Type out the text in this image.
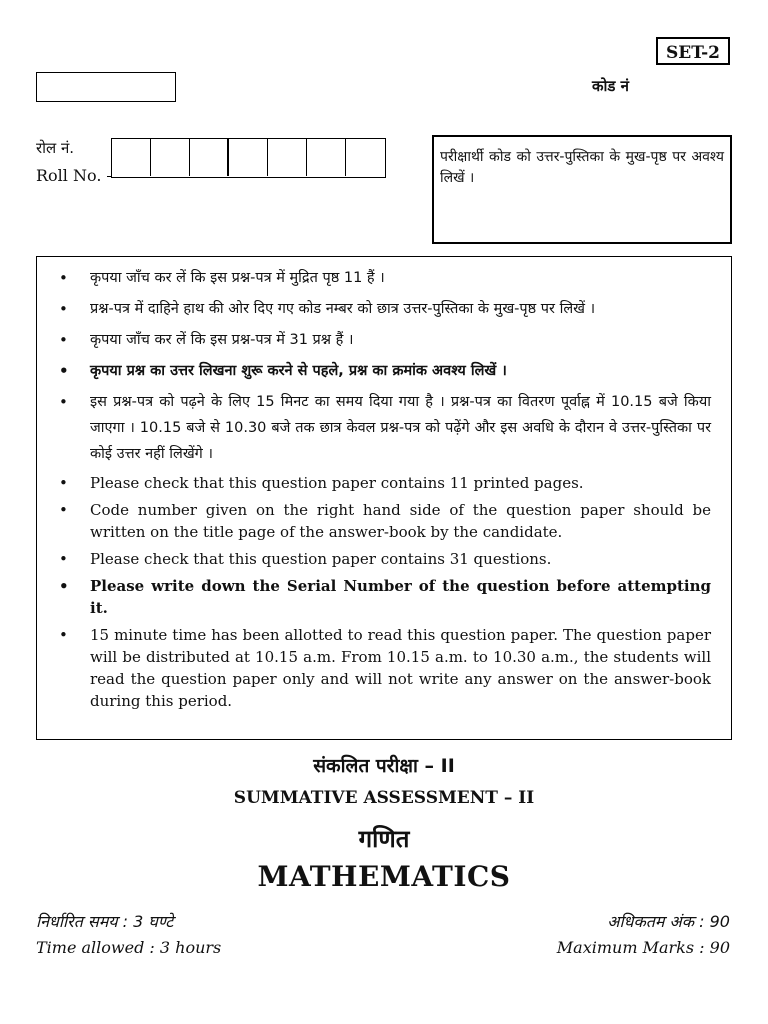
SET-2
कोड नं
रोल नं.
Roll No.
परीक्षार्थी कोड को उत्तर-पुस्तिका के मुख-पृष्ठ पर अवश्य लिखें ।
• कृपया जाँच कर लें कि इस प्रश्न-पत्र में मुद्रित पृष्ठ 11 हैं ।
• प्रश्न-पत्र में दाहिने हाथ की ओर दिए गए कोड नम्बर को छात्र उत्तर-पुस्तिका के मुख-पृष्ठ पर लिखें ।
• कृपया जाँच कर लें कि इस प्रश्न-पत्र में 31 प्रश्न हैं ।
• कृपया प्रश्न का उत्तर लिखना शुरू करने से पहले, प्रश्न का क्रमांक अवश्य लिखें ।
• इस प्रश्न-पत्र को पढ़ने के लिए 15 मिनट का समय दिया गया है । प्रश्न-पत्र का वितरण पूर्वाह्न में 10.15 बजे किया जाएगा । 10.15 बजे से 10.30 बजे तक छात्र केवल प्रश्न-पत्र को पढ़ेंगे और इस अवधि के दौरान वे उत्तर-पुस्तिका पर कोई उत्तर नहीं लिखेंगे ।
• Please check that this question paper contains 11 printed pages.
• Code number given on the right hand side of the question paper should be written on the title page of the answer-book by the candidate.
• Please check that this question paper contains 31 questions.
• Please write down the Serial Number of the question before attempting it.
• 15 minute time has been allotted to read this question paper. The question paper will be distributed at 10.15 a.m. From 10.15 a.m. to 10.30 a.m., the students will read the question paper only and will not write any answer on the answer-book during this period.
संकलित परीक्षा – II
SUMMATIVE ASSESSMENT – II
गणित
MATHEMATICS
निर्धारित समय : 3 घण्टे
Time allowed : 3 hours
अधिकतम अंक : 90
Maximum Marks : 90
